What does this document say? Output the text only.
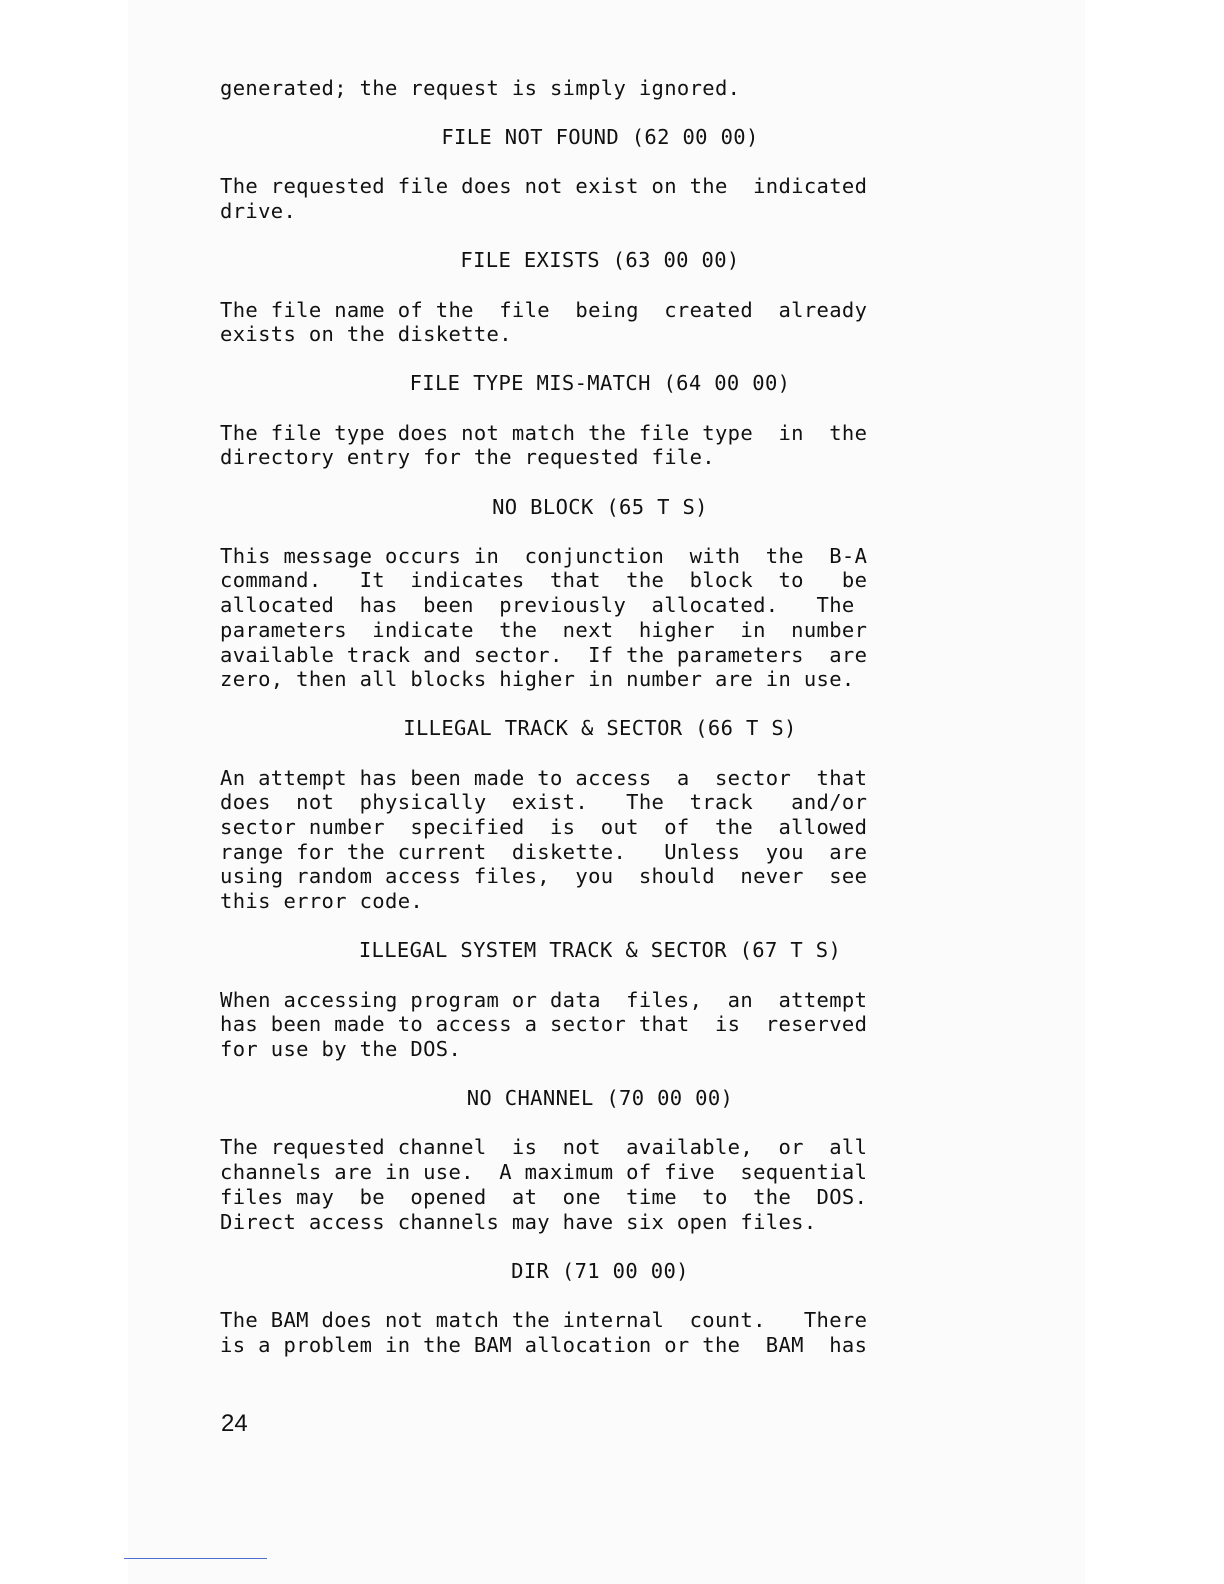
generated; the request is simply ignored.

FILE NOT FOUND (62 00 00)

The requested file does not exist on the  indicated
drive.

FILE EXISTS (63 00 00)

The file name of the  file  being  created  already
exists on the diskette.

FILE TYPE MIS-MATCH (64 00 00)

The file type does not match the file type  in  the
directory entry for the requested file.

NO BLOCK (65 T S)

This message occurs in  conjunction  with  the  B-A
command.   It  indicates  that  the  block  to   be
allocated  has  been  previously  allocated.   The
parameters  indicate  the  next  higher  in  number
available track and sector.  If the parameters  are
zero, then all blocks higher in number are in use.

ILLEGAL TRACK & SECTOR (66 T S)

An attempt has been made to access  a  sector  that
does  not  physically  exist.   The  track   and/or
sector number  specified  is  out  of  the  allowed
range for the current  diskette.   Unless  you  are
using random access files,  you  should  never  see
this error code.

ILLEGAL SYSTEM TRACK & SECTOR (67 T S)

When accessing program or data  files,  an  attempt
has been made to access a sector that  is  reserved
for use by the DOS.

NO CHANNEL (70 00 00)

The requested channel  is  not  available,  or  all
channels are in use.  A maximum of five  sequential
files may  be  opened  at  one  time  to  the  DOS.
Direct access channels may have six open files.

DIR (71 00 00)

The BAM does not match the internal  count.   There
is a problem in the BAM allocation or the  BAM  has

24
